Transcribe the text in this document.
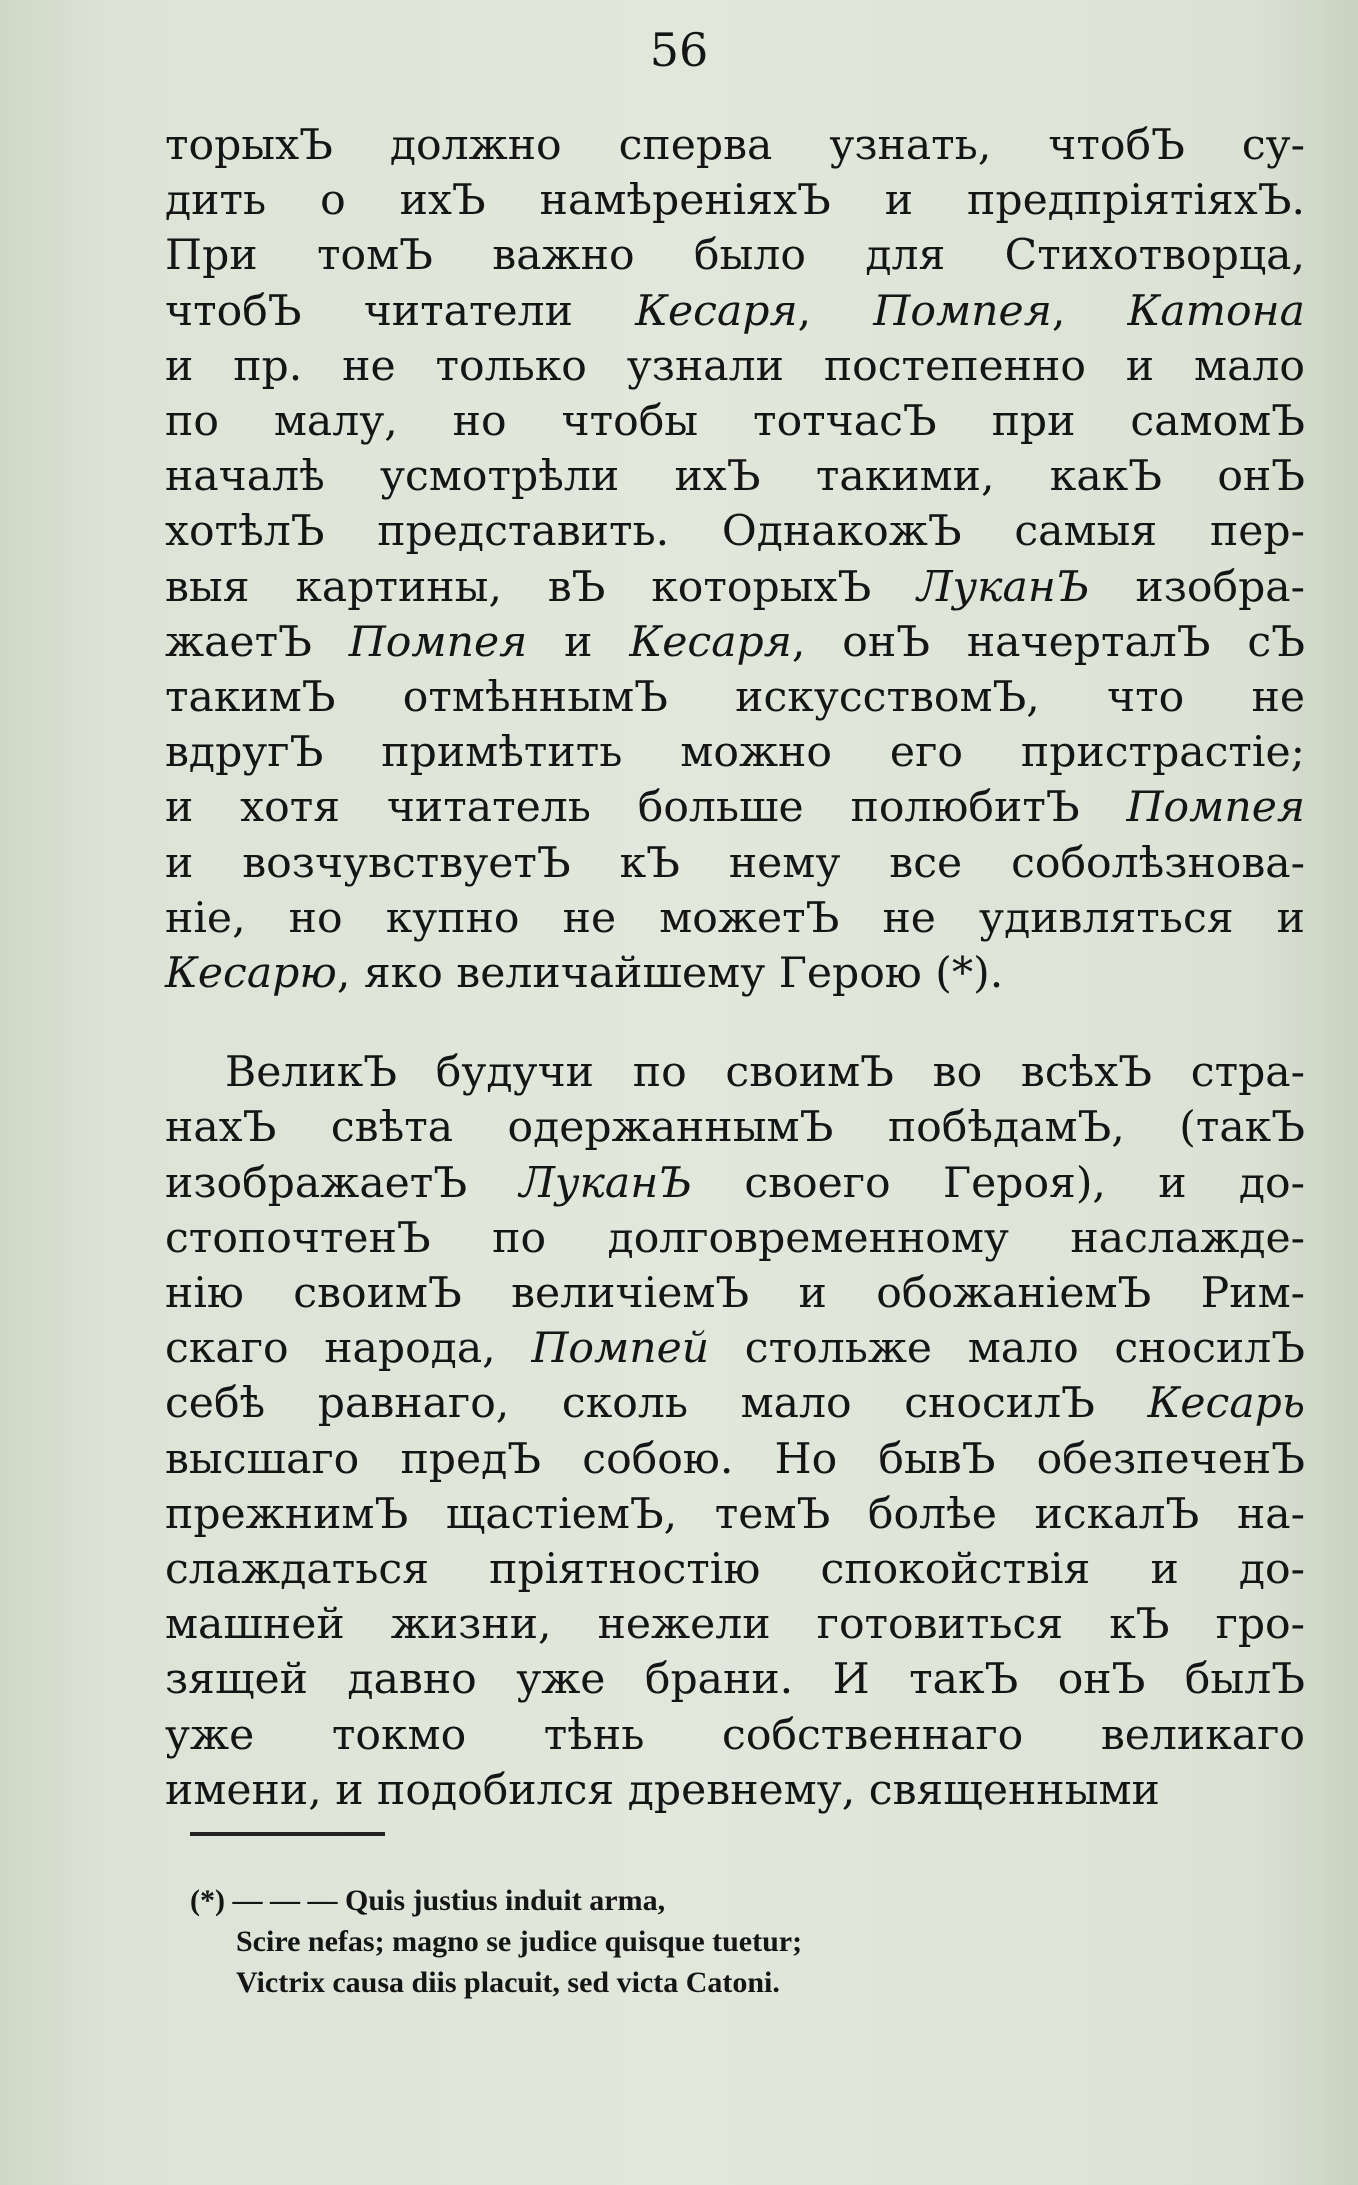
56
торыхЪ должно сперва узнать, чтобЪ су-
дить о ихЪ намѣреніяхЪ и предпріятіяхЪ.
При томЪ важно было для Стихотворца,
чтобЪ читатели Кесаря, Помпея, Катона
и пр. не только узнали постепенно и мало
по малу, но чтобы тотчасЪ при самомЪ
началѣ усмотрѣли ихЪ такими, какЪ онЪ
хотѣлЪ представить. ОднакожЪ самыя пер-
выя картины, вЪ которыхЪ ЛуканЪ изобра-
жаетЪ Помпея и Кесаря, онЪ начерталЪ сЪ
такимЪ отмѣннымЪ искусствомЪ, что не
вдругЪ примѣтить можно его пристрастіе;
и хотя читатель больше полюбитЪ Помпея
и возчувствуетЪ кЪ нему все соболѣзнова-
ніе, но купно не можетЪ не удивляться и
Кесарю, яко величайшему Герою (*).
ВеликЪ будучи по своимЪ во всѣхЪ стра-
нахЪ свѣта одержаннымЪ побѣдамЪ, (такЪ
изображаетЪ ЛуканЪ своего Героя), и до-
стопочтенЪ по долговременному наслажде-
нію своимЪ величіемЪ и обожаніемЪ Рим-
скаго народа, Помпей стольже мало сносилЪ
себѣ равнаго, сколь мало сносилЪ Кесарь
высшаго предЪ собою. Но бывЪ обезпеченЪ
прежнимЪ щастіемЪ, темЪ болѣе искалЪ на-
слаждаться пріятностію спокойствія и до-
машней жизни, нежели готовиться кЪ гро-
зящей давно уже брани. И такЪ онЪ былЪ
уже токмо тѣнь собственнаго великаго
имени, и подобился древнему, священными
(*) — — — Quis justius induit arma,
Scire nefas; magno se judice quisque tuetur;
Victrix causa diis placuit, sed victa Catoni.
